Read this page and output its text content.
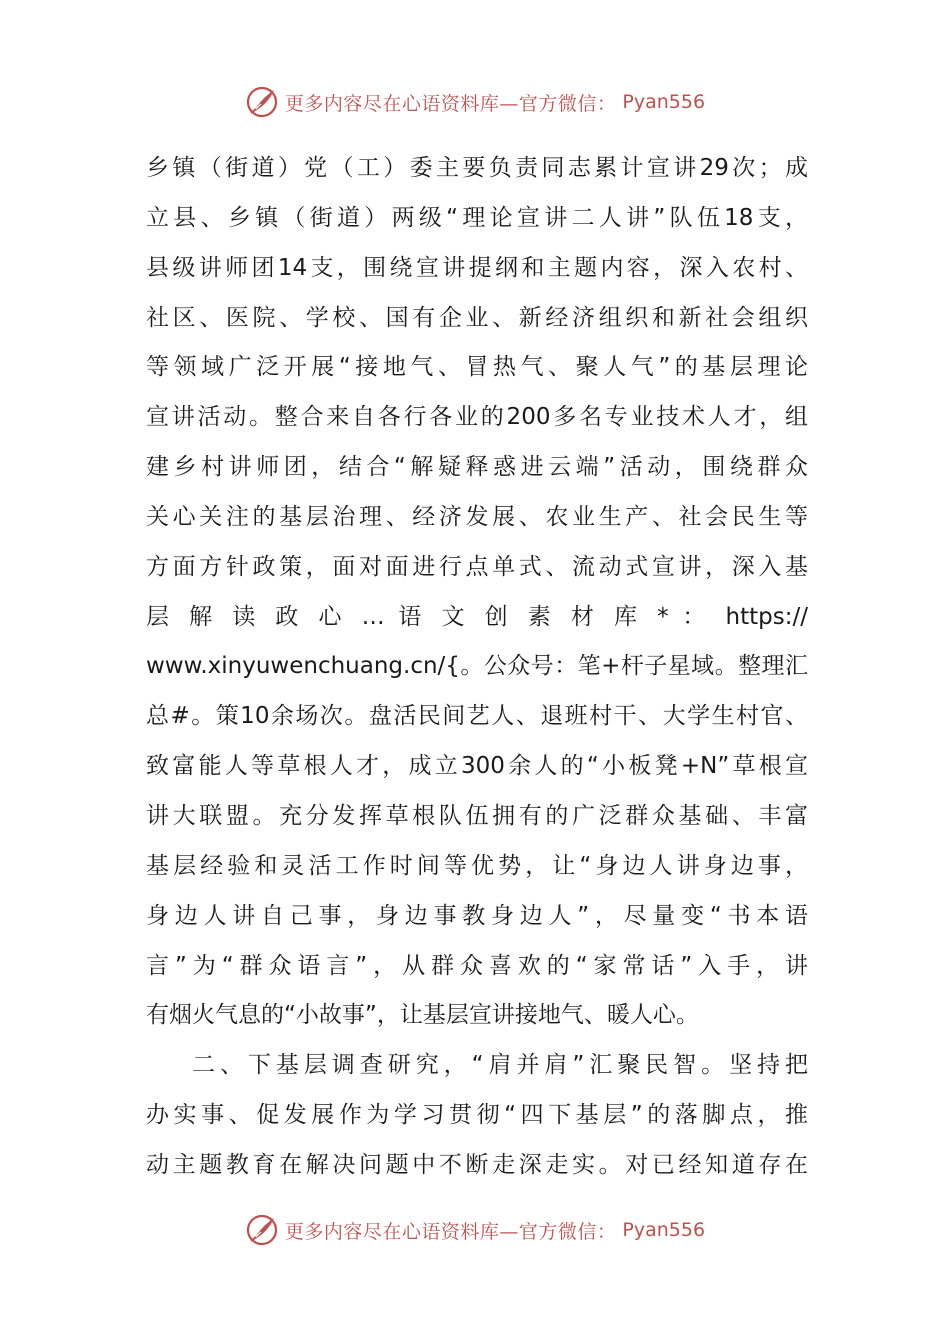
更多内容尽在心语资料库—官方微信： Pyan556
乡镇（街道）党（工）委主要负责同志累计宣讲29次；成
立县、乡镇（街道）两级“理论宣讲二人讲”队伍18支，
县级讲师团14支，围绕宣讲提纲和主题内容，深入农村、
社区、医院、学校、国有企业、新经济组织和新社会组织
等领域广泛开展“接地气、冒热气、聚人气”的基层理论
宣讲活动。整合来自各行各业的200多名专业技术人才，组
建乡村讲师团，结合“解疑释惑进云端”活动，围绕群众
关心关注的基层治理、经济发展、农业生产、社会民生等
方面方针政策，面对面进行点单式、流动式宣讲，深入基
层 解 读 政 心 … 语 文 创 素 材 库 * ： https://
www.xinyuwenchuang.cn/{。公众号：笔+杆子星域。整理汇
总#。策10余场次。盘活民间艺人、退班村干、大学生村官、
致富能人等草根人才，成立300余人的“小板凳+N”草根宣
讲大联盟。充分发挥草根队伍拥有的广泛群众基础、丰富
基层经验和灵活工作时间等优势，让“身边人讲身边事，
身边人讲自己事，身边事教身边人”，尽量变“书本语
言”为“群众语言”，从群众喜欢的“家常话”入手，讲
有烟火气息的“小故事”，让基层宣讲接地气、暖人心。
二、下基层调查研究，“肩并肩”汇聚民智。坚持把
办实事、促发展作为学习贯彻“四下基层”的落脚点，推
动主题教育在解决问题中不断走深走实。对已经知道存在
更多内容尽在心语资料库—官方微信： Pyan556
